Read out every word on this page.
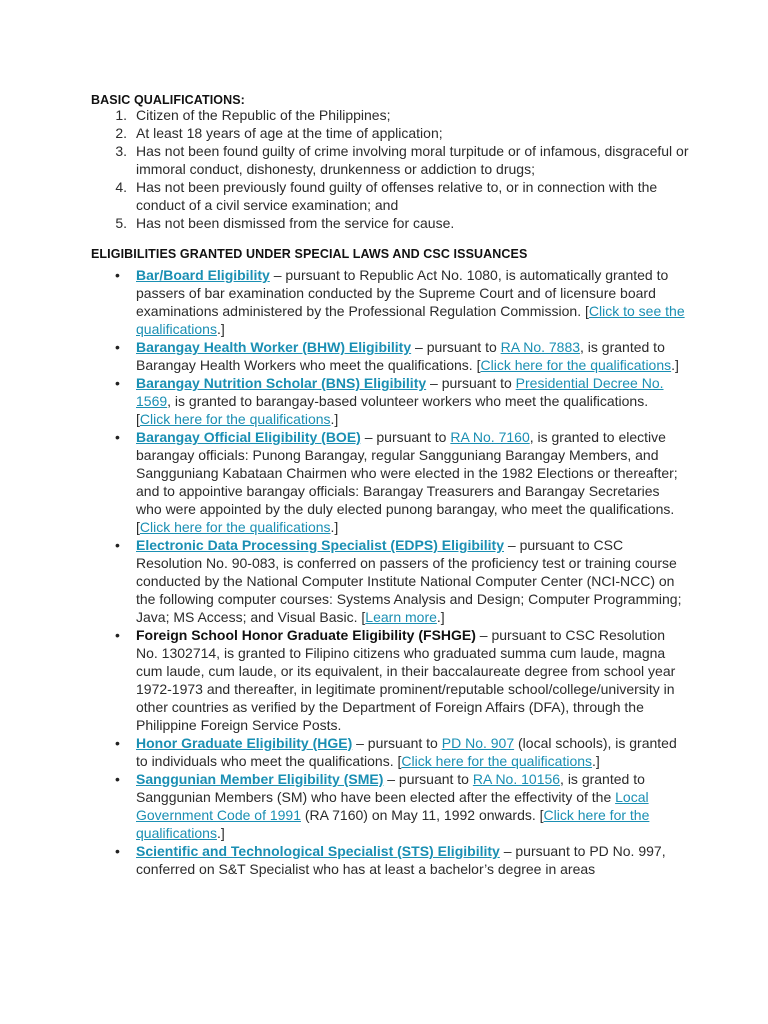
BASIC QUALIFICATIONS:
1. Citizen of the Republic of the Philippines;
2. At least 18 years of age at the time of application;
3. Has not been found guilty of crime involving moral turpitude or of infamous, disgraceful or immoral conduct, dishonesty, drunkenness or addiction to drugs;
4. Has not been previously found guilty of offenses relative to, or in connection with the conduct of a civil service examination; and
5. Has not been dismissed from the service for cause.
ELIGIBILITIES GRANTED UNDER SPECIAL LAWS AND CSC ISSUANCES
• Bar/Board Eligibility – pursuant to Republic Act No. 1080, is automatically granted to passers of bar examination conducted by the Supreme Court and of licensure board examinations administered by the Professional Regulation Commission. [Click to see the qualifications.]
• Barangay Health Worker (BHW) Eligibility – pursuant to RA No. 7883, is granted to Barangay Health Workers who meet the qualifications. [Click here for the qualifications.]
• Barangay Nutrition Scholar (BNS) Eligibility – pursuant to Presidential Decree No. 1569, is granted to barangay-based volunteer workers who meet the qualifications. [Click here for the qualifications.]
• Barangay Official Eligibility (BOE) – pursuant to RA No. 7160, is granted to elective barangay officials: Punong Barangay, regular Sangguniang Barangay Members, and Sangguniang Kabataan Chairmen who were elected in the 1982 Elections or thereafter; and to appointive barangay officials: Barangay Treasurers and Barangay Secretaries who were appointed by the duly elected punong barangay, who meet the qualifications. [Click here for the qualifications.]
• Electronic Data Processing Specialist (EDPS) Eligibility – pursuant to CSC Resolution No. 90-083, is conferred on passers of the proficiency test or training course conducted by the National Computer Institute National Computer Center (NCI-NCC) on the following computer courses: Systems Analysis and Design; Computer Programming; Java; MS Access; and Visual Basic. [Learn more.]
• Foreign School Honor Graduate Eligibility (FSHGE) – pursuant to CSC Resolution No. 1302714, is granted to Filipino citizens who graduated summa cum laude, magna cum laude, cum laude, or its equivalent, in their baccalaureate degree from school year 1972-1973 and thereafter, in legitimate prominent/reputable school/college/university in other countries as verified by the Department of Foreign Affairs (DFA), through the Philippine Foreign Service Posts.
• Honor Graduate Eligibility (HGE) – pursuant to PD No. 907 (local schools), is granted to individuals who meet the qualifications. [Click here for the qualifications.]
• Sanggunian Member Eligibility (SME) – pursuant to RA No. 10156, is granted to Sanggunian Members (SM) who have been elected after the effectivity of the Local Government Code of 1991 (RA 7160) on May 11, 1992 onwards. [Click here for the qualifications.]
• Scientific and Technological Specialist (STS) Eligibility – pursuant to PD No. 997, conferred on S&T Specialist who has at least a bachelor’s degree in areas
